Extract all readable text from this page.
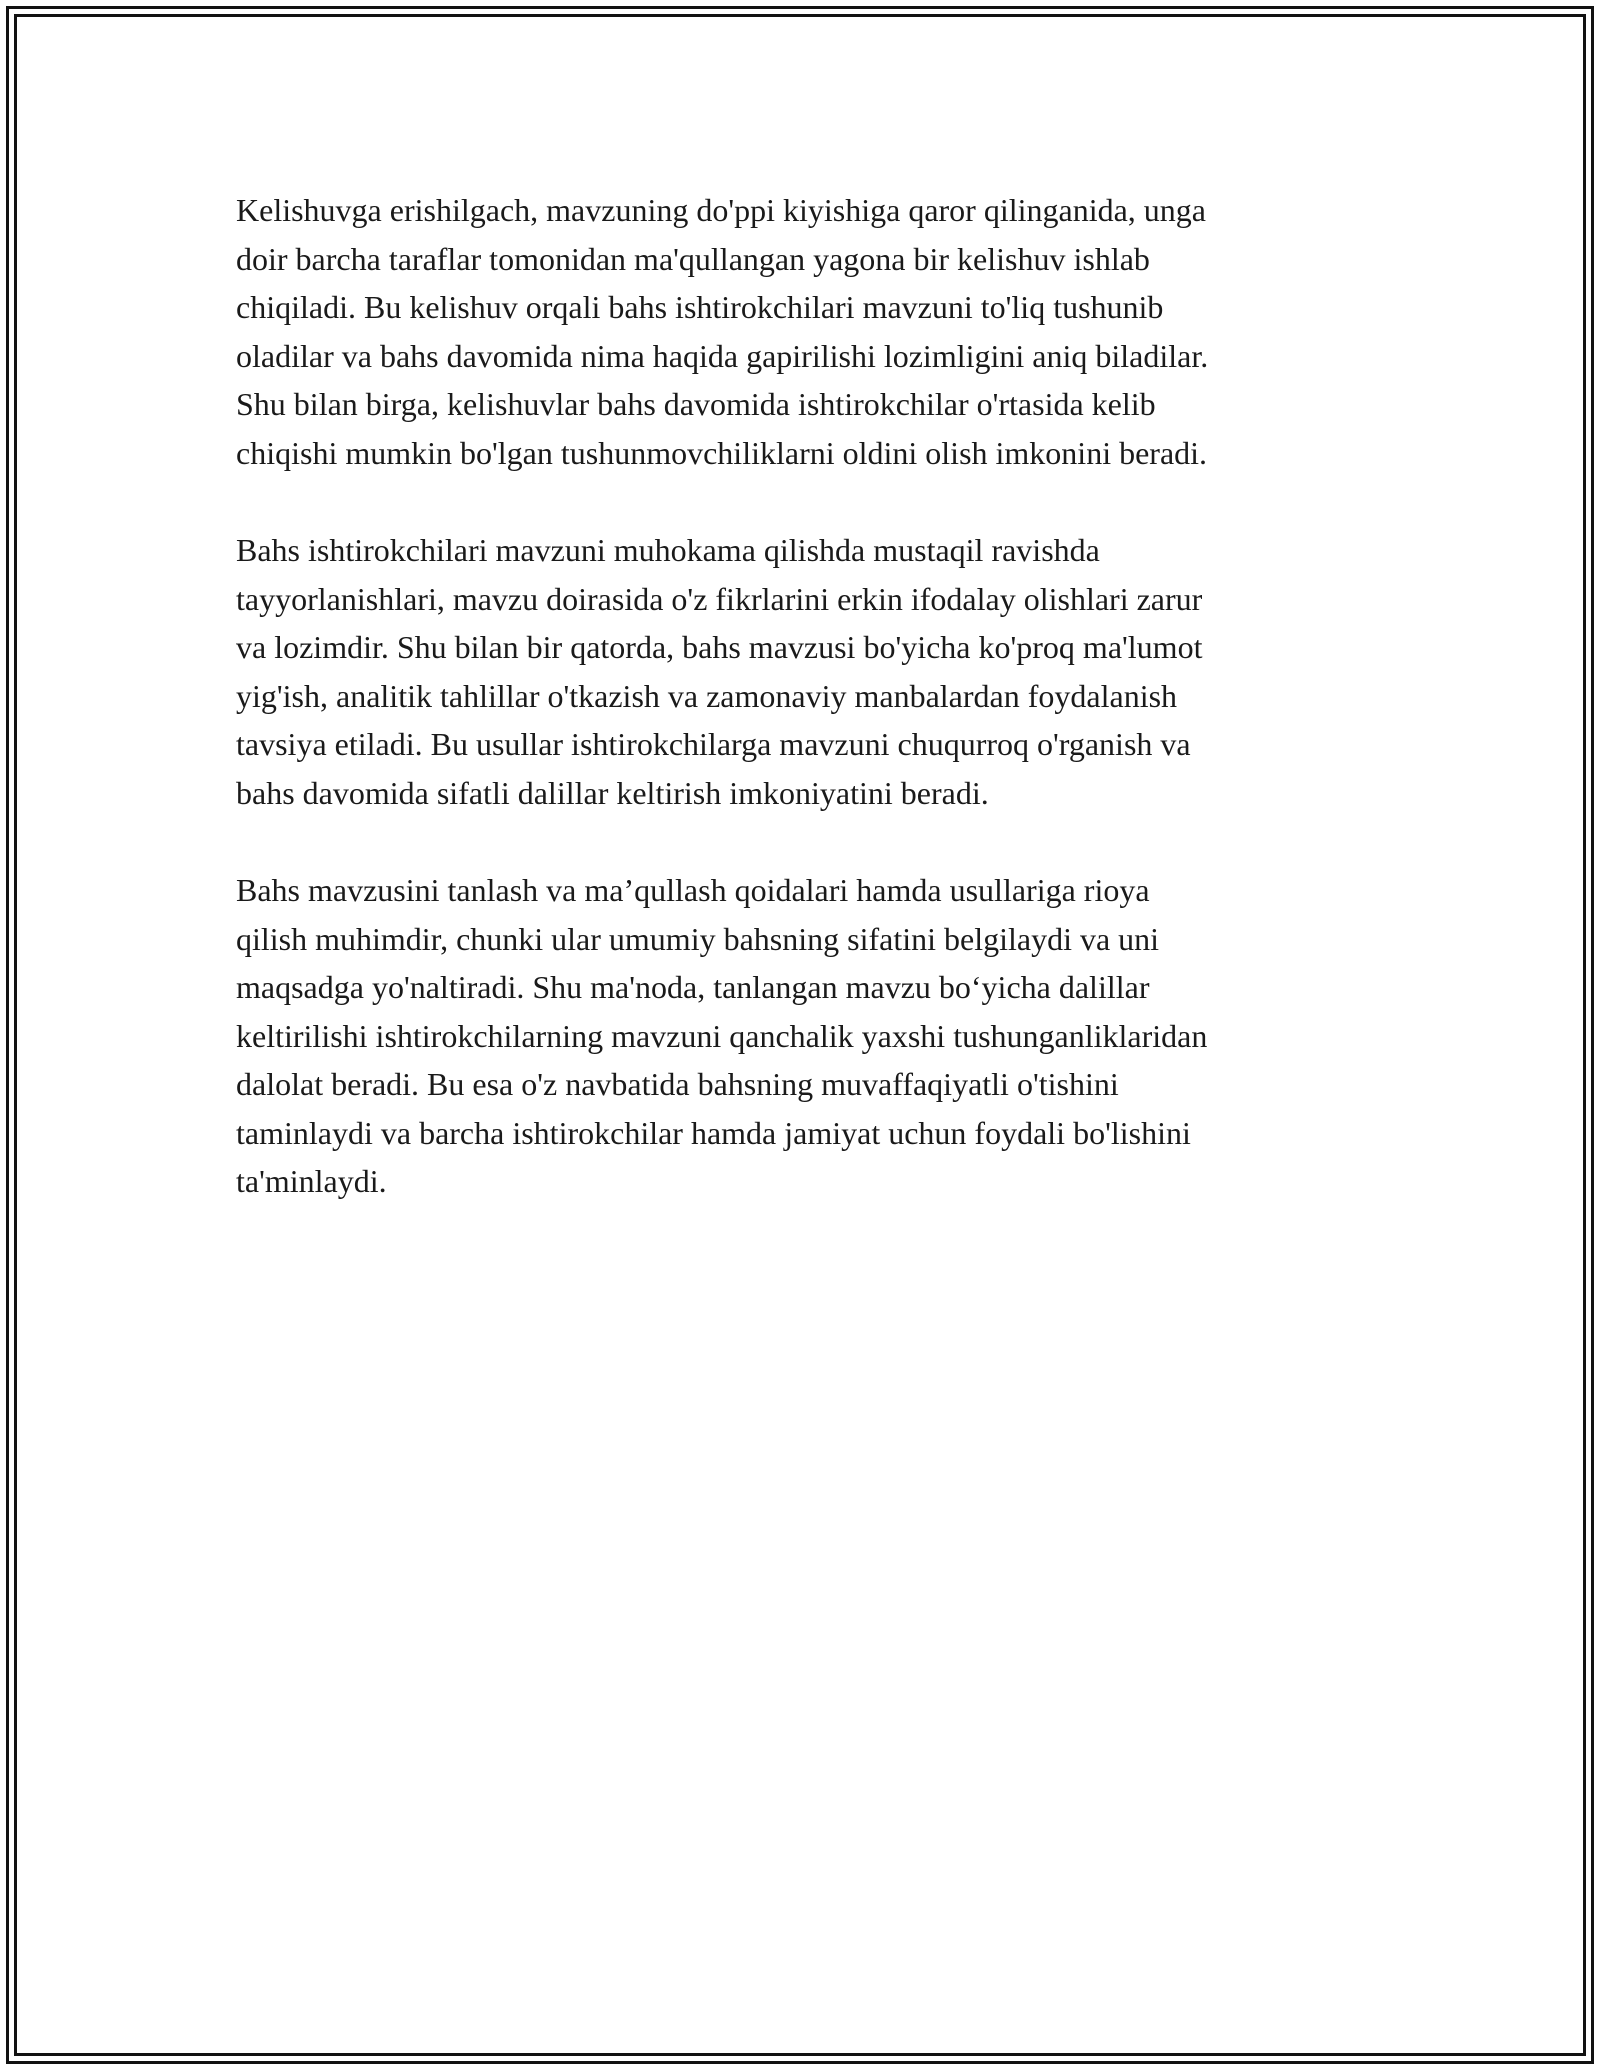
Kelishuvga erishilgach, mavzuning do'ppi kiyishiga qaror qilinganida, unga
doir barcha taraflar tomonidan ma'qullangan yagona bir kelishuv ishlab
chiqiladi. Bu kelishuv orqali bahs ishtirokchilari mavzuni to'liq tushunib
oladilar va bahs davomida nima haqida gapirilishi lozimligini aniq biladilar.
Shu bilan birga, kelishuvlar bahs davomida ishtirokchilar o'rtasida kelib
chiqishi mumkin bo'lgan tushunmovchiliklarni oldini olish imkonini beradi.

Bahs ishtirokchilari mavzuni muhokama qilishda mustaqil ravishda
tayyorlanishlari, mavzu doirasida o'z fikrlarini erkin ifodalay olishlari zarur
va lozimdir. Shu bilan bir qatorda, bahs mavzusi bo'yicha ko'proq ma'lumot
yig'ish, analitik tahlillar o'tkazish va zamonaviy manbalardan foydalanish
tavsiya etiladi. Bu usullar ishtirokchilarga mavzuni chuqurroq o'rganish va
bahs davomida sifatli dalillar keltirish imkoniyatini beradi.

Bahs mavzusini tanlash va ma’qullash qoidalari hamda usullariga rioya
qilish muhimdir, chunki ular umumiy bahsning sifatini belgilaydi va uni
maqsadga yo'naltiradi. Shu ma'noda, tanlangan mavzu bo‘yicha dalillar
keltirilishi ishtirokchilarning mavzuni qanchalik yaxshi tushunganliklaridan
dalolat beradi. Bu esa o'z navbatida bahsning muvaffaqiyatli o'tishini
taminlaydi va barcha ishtirokchilar hamda jamiyat uchun foydali bo'lishini
ta'minlaydi.
